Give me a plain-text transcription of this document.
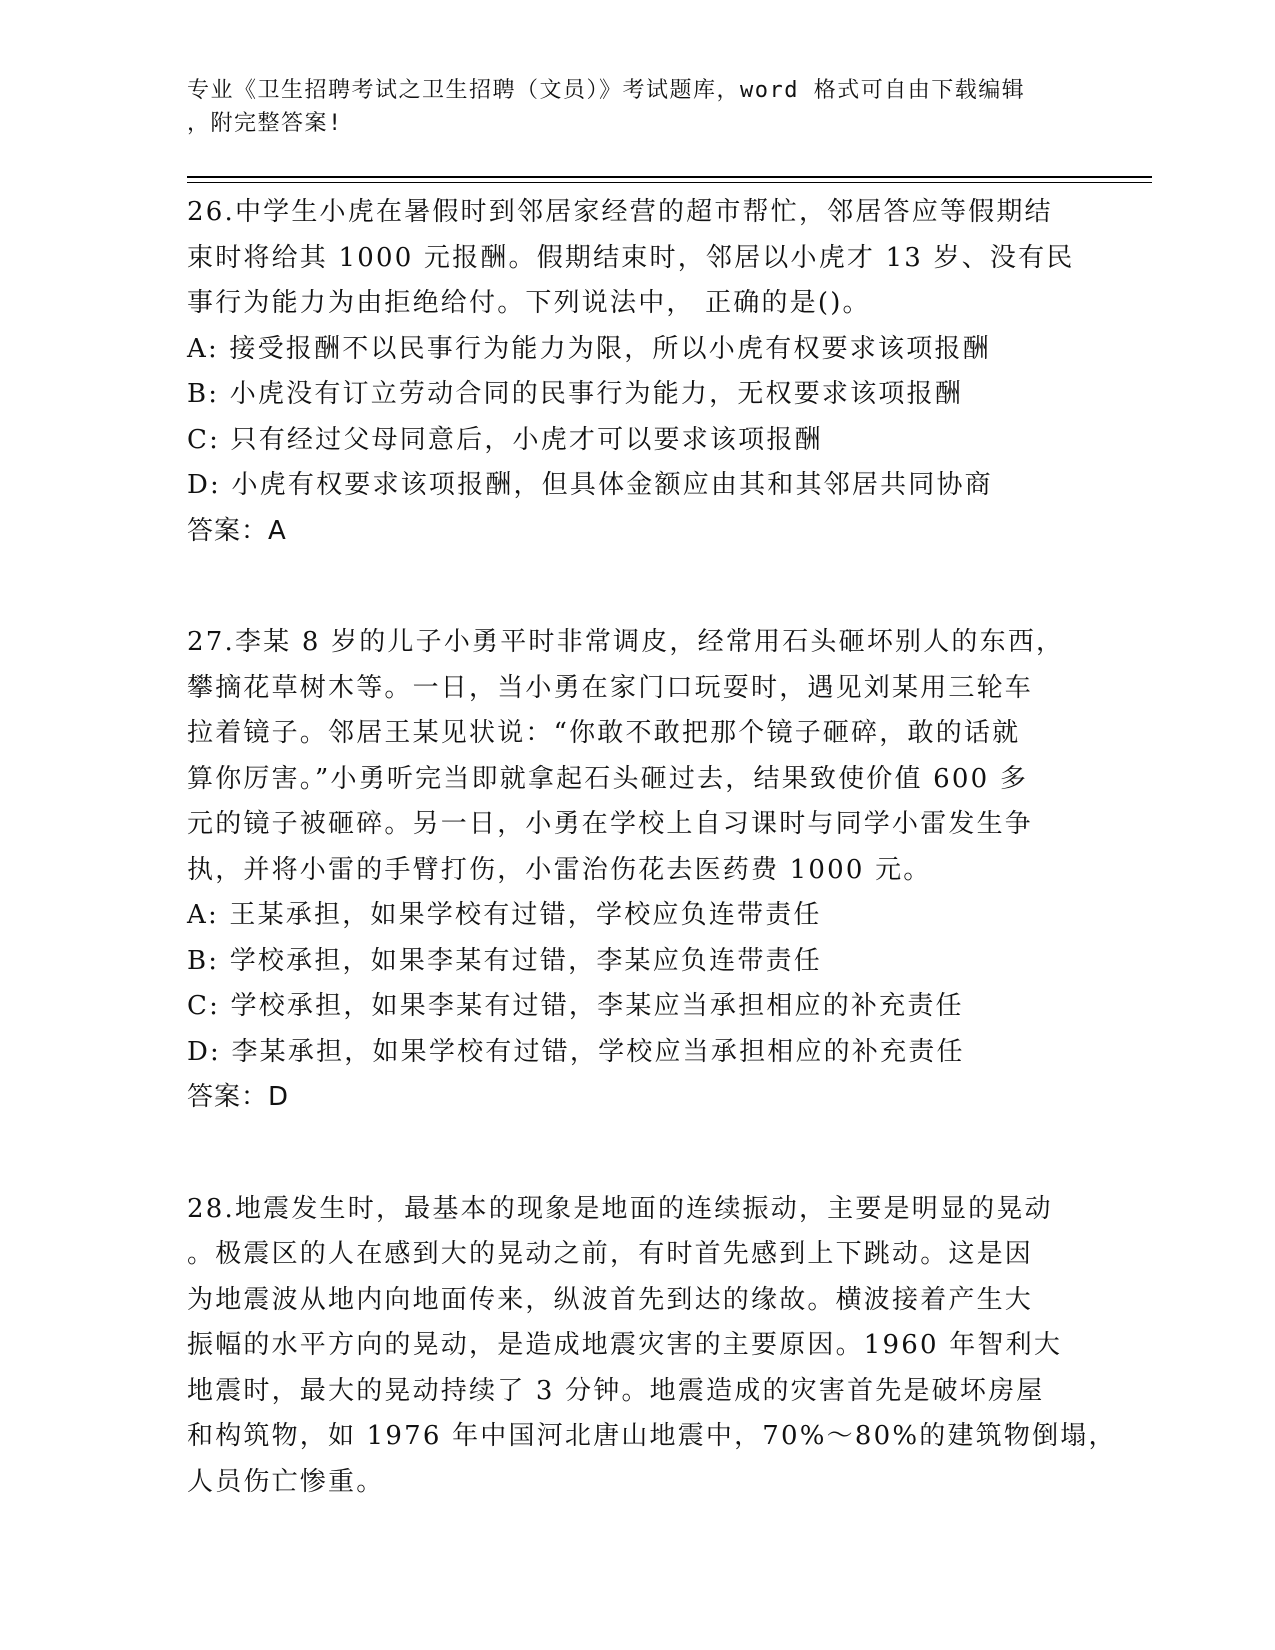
专业《卫生招聘考试之卫生招聘（文员）》考试题库，word 格式可自由下载编辑
，附完整答案!
26.中学生小虎在暑假时到邻居家经营的超市帮忙，邻居答应等假期结
束时将给其 1000 元报酬。假期结束时，邻居以小虎才 13 岁、没有民
事行为能力为由拒绝给付。下列说法中， 正确的是()。
A: 接受报酬不以民事行为能力为限，所以小虎有权要求该项报酬
B: 小虎没有订立劳动合同的民事行为能力，无权要求该项报酬
C: 只有经过父母同意后，小虎才可以要求该项报酬
D: 小虎有权要求该项报酬，但具体金额应由其和其邻居共同协商
答案：A
27.李某 8 岁的儿子小勇平时非常调皮，经常用石头砸坏别人的东西，
攀摘花草树木等。一日，当小勇在家门口玩耍时，遇见刘某用三轮车
拉着镜子。邻居王某见状说：“你敢不敢把那个镜子砸碎，敢的话就
算你厉害。”小勇听完当即就拿起石头砸过去，结果致使价值 600 多
元的镜子被砸碎。另一日，小勇在学校上自习课时与同学小雷发生争
执，并将小雷的手臂打伤，小雷治伤花去医药费 1000 元。
A: 王某承担，如果学校有过错，学校应负连带责任
B: 学校承担，如果李某有过错，李某应负连带责任
C: 学校承担，如果李某有过错，李某应当承担相应的补充责任
D: 李某承担，如果学校有过错，学校应当承担相应的补充责任
答案：D
28.地震发生时，最基本的现象是地面的连续振动，主要是明显的晃动
。极震区的人在感到大的晃动之前，有时首先感到上下跳动。这是因
为地震波从地内向地面传来，纵波首先到达的缘故。横波接着产生大
振幅的水平方向的晃动，是造成地震灾害的主要原因。1960 年智利大
地震时，最大的晃动持续了 3 分钟。地震造成的灾害首先是破坏房屋
和构筑物，如 1976 年中国河北唐山地震中，70%～80%的建筑物倒塌，
人员伤亡惨重。
